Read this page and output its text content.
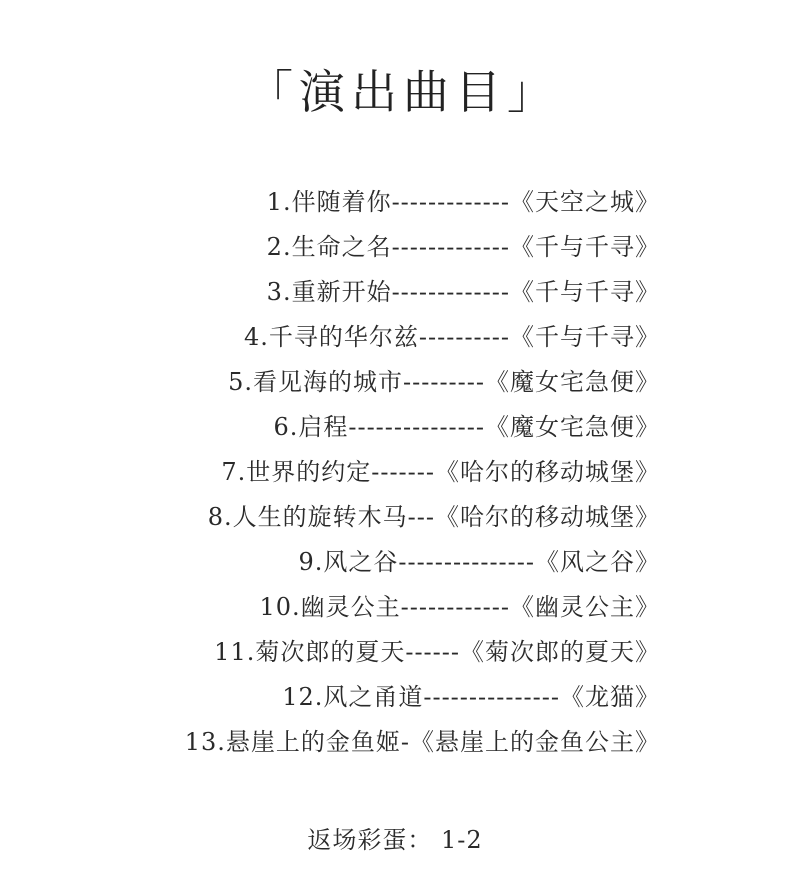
「演出曲目」
1.伴随着你-------------《天空之城》
2.生命之名-------------《千与千寻》
3.重新开始-------------《千与千寻》
4.千寻的华尔兹----------《千与千寻》
5.看见海的城市---------《魔女宅急便》
6.启程---------------《魔女宅急便》
7.世界的约定-------《哈尔的移动城堡》
8.人生的旋转木马---《哈尔的移动城堡》
9.风之谷---------------《风之谷》
10.幽灵公主------------《幽灵公主》
11.菊次郎的夏天------《菊次郎的夏天》
12.风之甬道---------------《龙猫》
13.悬崖上的金鱼姬-《悬崖上的金鱼公主》
返场彩蛋： 1-2
